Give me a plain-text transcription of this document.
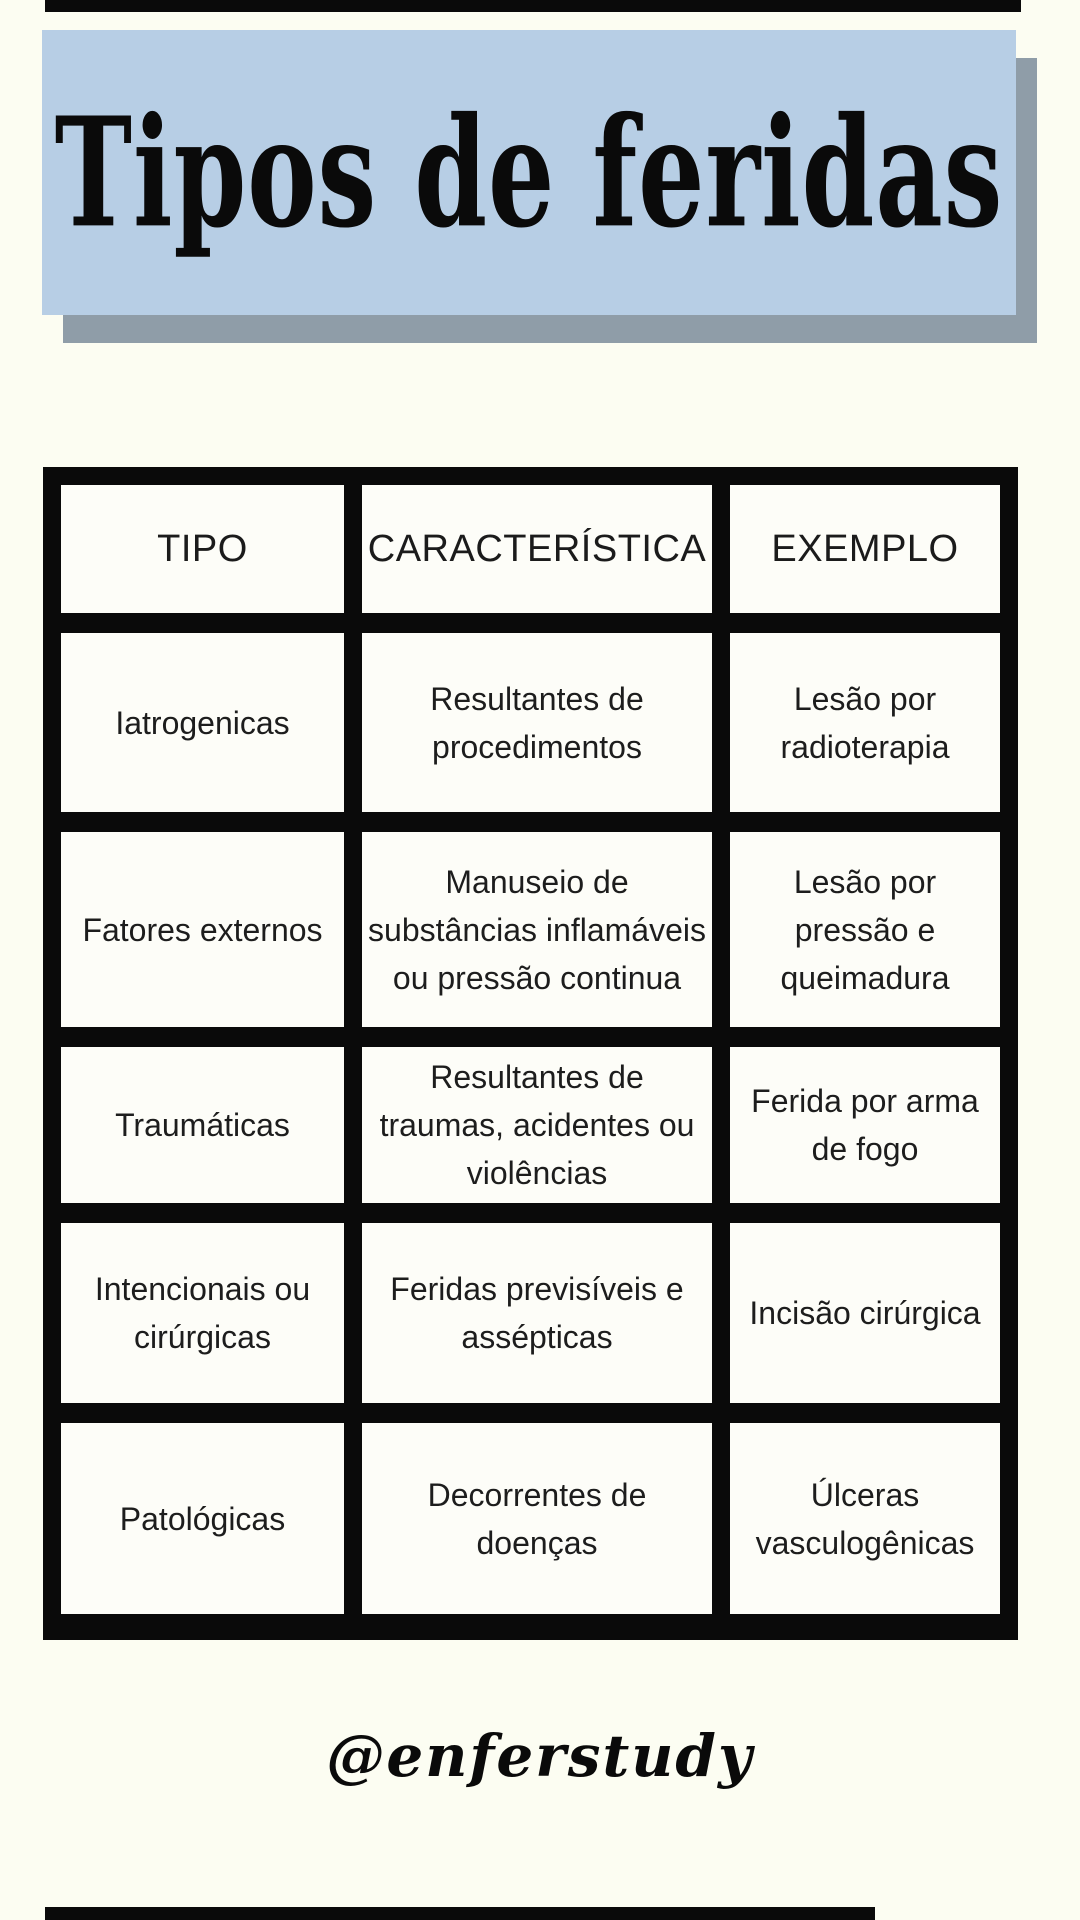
Tipos de feridas
TIPO	CARACTERÍSTICA	EXEMPLO
Iatrogenicas
Resultantes de procedimentos
Lesão por radioterapia
Fatores externos
Manuseio de substâncias inflamáveis ou pressão continua
Lesão por pressão e queimadura
Traumáticas
Resultantes de traumas, acidentes ou violências
Ferida por arma de fogo
Intencionais ou cirúrgicas
Feridas previsíveis e assépticas
Incisão cirúrgica
Patológicas
Decorrentes de doenças
Úlceras vasculogênicas
@enferstudy
